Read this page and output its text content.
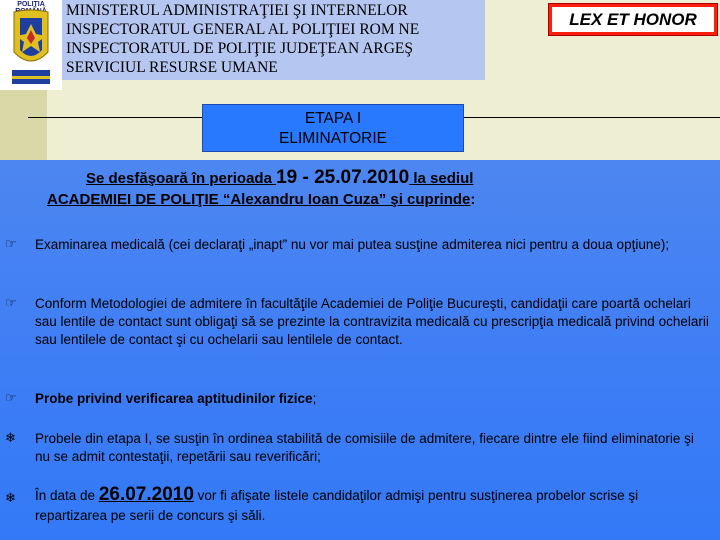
POLIŢIA	MINISTERUL ADMINISTRAŢIEI ŞI INTERNELOR
INSPECTORATUL GENERAL AL POLIŢIEI ROM NE
INSPECTORATUL DE POLIŢIE JUDEŢEAN ARGEŞ
SERVICIUL RESURSE UMANE
LEX ET HONOR
ETAPA I
ELIMINATORIE
Se desfăşoară în perioada 19 - 25.07.2010 la sediul
ACADEMIEI DE POLIŢIE “Alexandru Ioan Cuza” şi cuprinde:
☞ Examinarea medicală (cei declaraţi „inapt” nu vor mai putea susţine admiterea nici pentru a doua opţiune);
☞ Conform Metodologiei de admitere în facultăţile Academiei de Poliţie Bucureşti, candidaţii care poartă ochelari sau lentile de contact sunt obligaţi să se prezinte la contravizita medicală cu prescripţia medicală privind ochelarii sau lentilele de contact şi cu ochelarii sau lentilele de contact.
☞ Probe privind verificarea aptitudinilor fizice;
❄ Probele din etapa I, se susţin în ordinea stabilită de comisiile de admitere, fiecare dintre ele fiind eliminatorie şi nu se admit contestaţii, repetării sau reverificări;
❄ În data de 26.07.2010 vor fi afişate listele candidaţilor admişi pentru susţinerea probelor scrise şi repartizarea pe serii de concurs şi săli.
